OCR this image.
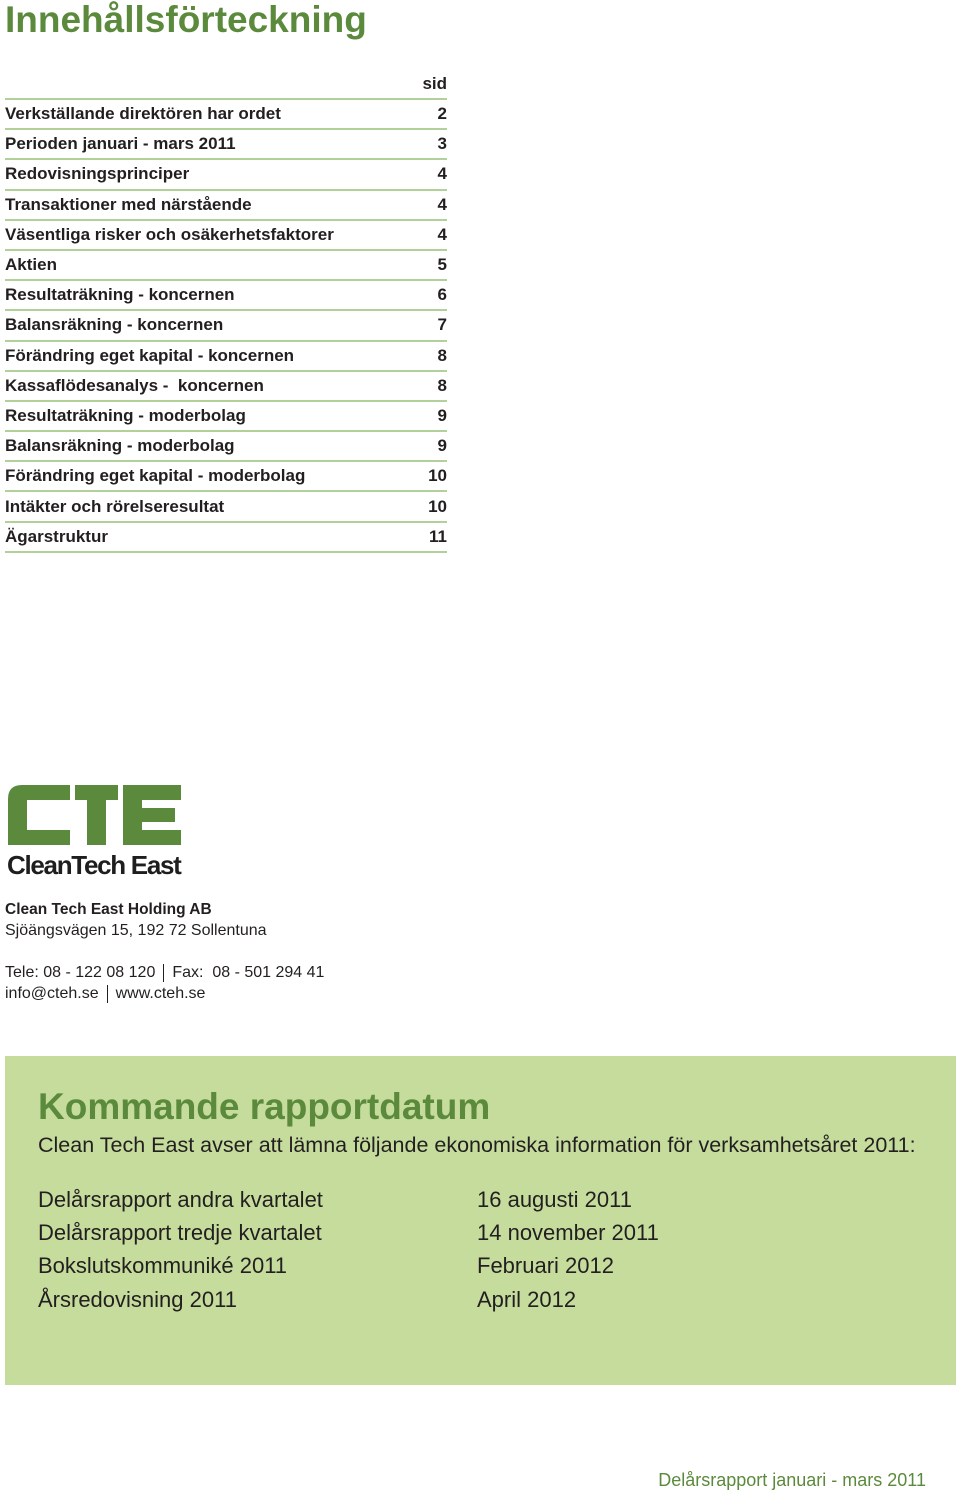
Innehållsförteckning
sid
Verkställande direktören har ordet	2
Perioden januari - mars 2011	3
Redovisningsprinciper	4
Transaktioner med närstående	4
Väsentliga risker och osäkerhetsfaktorer	4
Aktien	5
Resultaträkning - koncernen	6
Balansräkning - koncernen	7
Förändring eget kapital - koncernen	8
Kassaflödesanalys -  koncernen	8
Resultaträkning - moderbolag	9
Balansräkning - moderbolag	9
Förändring eget kapital - moderbolag	10
Intäkter och rörelseresultat	10
Ägarstruktur	11
CleanTech East
Clean Tech East Holding AB
Sjöängsvägen 15, 192 72 Sollentuna
Tele: 08 - 122 08 120 Fax:  08 - 501 294 41
info@cteh.se www.cteh.se
Kommande rapportdatum
Clean Tech East avser att lämna följande ekonomiska information för verksamhetsåret 2011:
Delårsrapport andra kvartalet	16 augusti 2011
Delårsrapport tredje kvartalet	14 november 2011
Bokslutskommuniké 2011	Februari 2012
Årsredovisning 2011	April 2012
Delårsrapport januari - mars 2011
